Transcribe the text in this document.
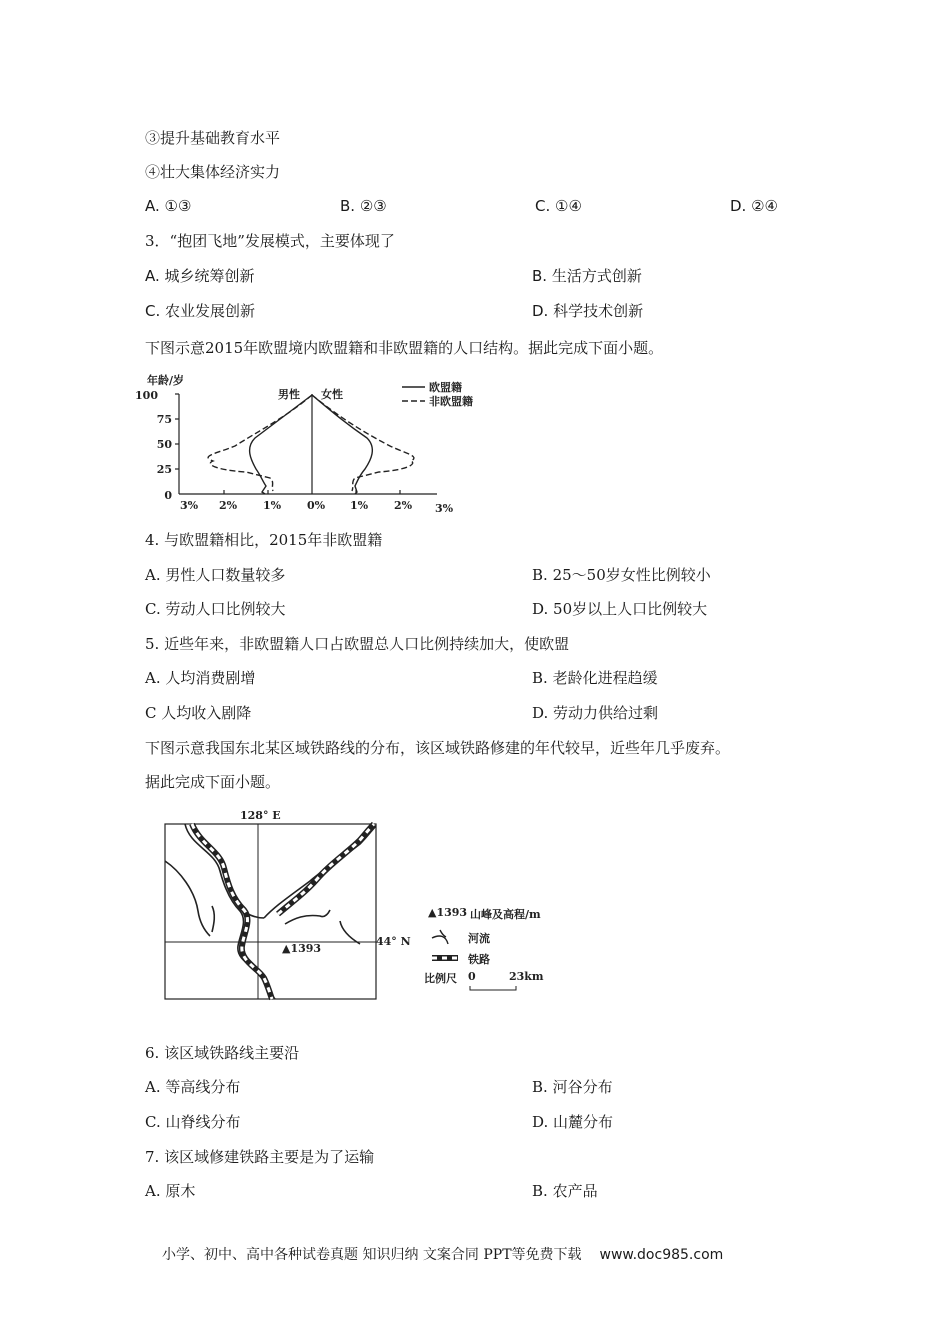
③提升基础教育水平
④壮大集体经济实力
A. ①③	B. ②③	C. ①④	D. ②④
3．“抱团飞地”发展模式，主要体现了
A. 城乡统筹创新	B. 生活方式创新
C. 农业发展创新	D. 科学技术创新
下图示意2015年欧盟境内欧盟籍和非欧盟籍的人口结构。据此完成下面小题。
年龄/岁
男性 女性
100
75
50
25
0
3% 2% 1% 0% 1% 2% 3%
欧盟籍
非欧盟籍
4. 与欧盟籍相比，2015年非欧盟籍
A. 男性人口数量较多	B. 25～50岁女性比例较小
C. 劳动人口比例较大	D. 50岁以上人口比例较大
5. 近些年来，非欧盟籍人口占欧盟总人口比例持续加大，使欧盟
A. 人均消费剧增	B. 老龄化进程趋缓
C 人均收入剧降	D. 劳动力供给过剩
下图示意我国东北某区域铁路线的分布，该区域铁路修建的年代较早，近些年几乎废弃。
据此完成下面小题。
128° E
44° N
▲1393
▲1393 山峰及高程/m
河流
铁路
比例尺 0	23km
6. 该区域铁路线主要沿
A. 等高线分布	B. 河谷分布
C. 山脊线分布	D. 山麓分布
7. 该区域修建铁路主要是为了运输
A. 原木	B. 农产品
小学、初中、高中各种试卷真题 知识归纳 文案合同 PPT等免费下载 www.doc985.com
